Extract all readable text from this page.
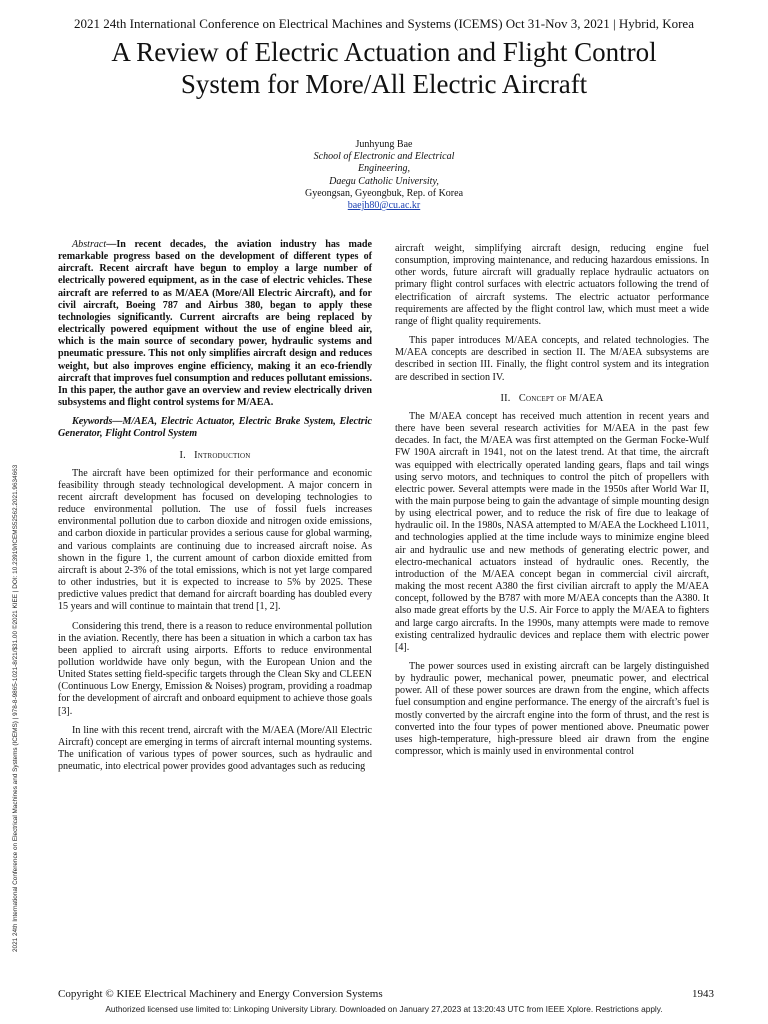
2021 24th International Conference on Electrical Machines and Systems (ICEMS) Oct 31-Nov 3, 2021 | Hybrid, Korea
A Review of Electric Actuation and Flight Control
System for More/All Electric Aircraft
Junhyung Bae
School of Electronic and Electrical
Engineering,
Daegu Catholic University,
Gyeongsan, Gyeongbuk, Rep. of Korea
baejh80@cu.ac.kr
2021 24th International Conference on Electrical Machines and Systems (ICEMS) | 978-8-9865-1021-8/21/$31.00 ©2021 KIEE | DOI: 10.23919/ICEMS52562.2021.9634663

Abstract—In recent decades, the aviation industry has made remarkable progress based on the development of different types of aircraft. Recent aircraft have begun to employ a large number of electrically powered equipment, as in the case of electric vehicles. These aircraft are referred to as M/AEA (More/All Electric Aircraft), and for civil aircraft, Boeing 787 and Airbus 380, began to apply these technologies significantly. Current aircrafts are being replaced by electrically powered equipment without the use of engine bleed air, which is the main source of secondary power, hydraulic systems and pneumatic pressure. This not only simplifies aircraft design and reduces weight, but also improves engine efficiency, making it an eco-friendly aircraft that improves fuel consumption and reduces pollutant emissions. In this paper, the author gave an overview and review electrically driven subsystems and flight control systems for M/AEA.

Keywords—M/AEA, Electric Actuator, Electric Brake System, Electric Generator, Flight Control System

I. Introduction

The aircraft have been optimized for their performance and economic feasibility through steady technological development. A major concern in recent aircraft development has focused on developing technologies to reduce environmental pollution. The use of fossil fuels increases environmental pollution due to carbon dioxide and nitrogen oxide emissions, and carbon dioxide in particular provides a serious cause for global warming, and various complaints are continuing due to increased aircraft noise. As shown in the figure 1, the current amount of carbon dioxide emitted from aircraft is about 2-3% of the total emissions, which is not yet large compared to other industries, but it is expected to increase to 5% by 2025. These predictive values predict that demand for aircraft boarding has doubled every 15 years and will continue to maintain that trend [1, 2].

Considering this trend, there is a reason to reduce environmental pollution in the aviation. Recently, there has been a situation in which a carbon tax has been applied to aircraft using airports. Efforts to reduce environmental pollution worldwide have only begun, with the European Union and the United States setting field-specific targets through the Clean Sky and CLEEN (Continuous Low Energy, Emission & Noises) program, providing a roadmap for the development of aircraft and onboard equipment to achieve those goals [3].

In line with this recent trend, aircraft with the M/AEA (More/All Electric Aircraft) concept are emerging in terms of aircraft internal mounting systems. The unification of various types of power sources, such as hydraulic and pneumatic, into electrical power provides good advantages such as reducing

aircraft weight, simplifying aircraft design, reducing engine fuel consumption, improving maintenance, and reducing hazardous emissions. In other words, future aircraft will gradually replace hydraulic actuators on primary flight control surfaces with electric actuators following the trend of electrification of aircraft systems. The electric actuator performance requirements are affected by the flight control law, which must meet a wide range of flight quality requirements.

This paper introduces M/AEA concepts, and related technologies. The M/AEA concepts are described in section II. The M/AEA subsystems are described in section III. Finally, the flight control system and its integration are described in section IV.

II. Concept of M/AEA

The M/AEA concept has received much attention in recent years and there have been several research activities for M/AEA in the past few decades. In fact, the M/AEA was first attempted on the German Focke-Wulf FW 190A aircraft in 1941, not on the latest trend. At that time, the aircraft was equipped with electrically operated landing gears, flaps and tail wings using servo motors, and techniques to control the pitch of propellers with electric power. Several attempts were made in the 1950s after World War II, with the main purpose being to gain the advantage of simple mounting design by using electrical power, and to reduce the risk of fire due to leakage of hydraulic oil. In the 1980s, NASA attempted to M/AEA the Lockheed L1011, and technologies applied at the time include ways to minimize engine bleed air and hydraulic use and new methods of generating electric power, and electro-mechanical actuators instead of hydraulic ones. Recently, the introduction of the M/AEA concept began in commercial civil aircraft, making the most recent A380 the first civilian aircraft to apply the M/AEA concept, followed by the B787 with more M/AEA concepts than the A380. It also made great efforts by the U.S. Air Force to apply the M/AEA to fighters and large cargo aircrafts. In the 1990s, many attempts were made to remove existing centralized hydraulic devices and replace them with electric power [4].

The power sources used in existing aircraft can be largely distinguished by hydraulic power, mechanical power, pneumatic power, and electrical power. All of these power sources are drawn from the engine, which affects fuel consumption and engine performance. The energy of the aircraft’s fuel is mostly converted by the aircraft engine into the form of thrust, and the rest is converted into the four types of power mentioned above. Pneumatic power uses high-temperature, high-pressure bleed air drawn from the engine compressor, which is mainly used in environmental control

Copyright © KIEE Electrical Machinery and Energy Conversion Systems	1943
Authorized licensed use limited to: Linkoping University Library. Downloaded on January 27,2023 at 13:20:43 UTC from IEEE Xplore. Restrictions apply.
